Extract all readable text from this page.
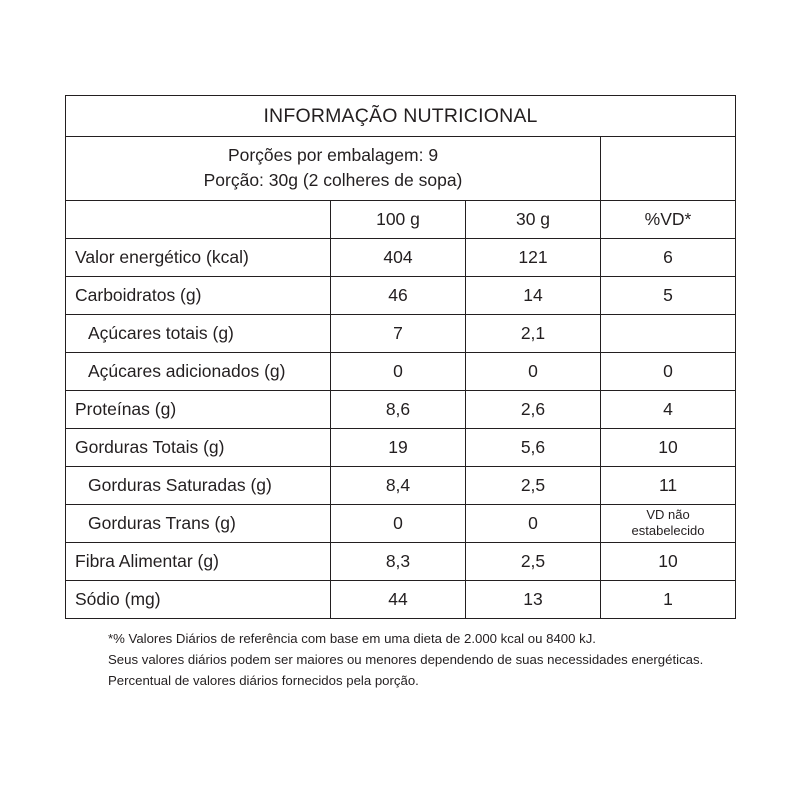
INFORMAÇÃO NUTRICIONAL			

Porções por embalagem: 9
Porção: 30g (2 colheres de sopa)			

	100 g	30 g	%VD*
Valor energético (kcal)	404	121	6
Carboidratos (g)	46	14	5
Açúcares totais (g)	7	2,1	
Açúcares adicionados (g)	0	0	0
Proteínas (g)	8,6	2,6	4
Gorduras Totais (g)	19	5,6	10
Gorduras Saturadas (g)	8,4	2,5	11
Gorduras Trans (g)	0	0	VD não
estabelecido

Fibra Alimentar (g)	8,3	2,5	10
Sódio (mg)	44	13	1

*% Valores Diários de referência com base em uma dieta de 2.000 kcal ou 8400 kJ.

Seus valores diários podem ser maiores ou menores dependendo de suas necessidades energéticas.

Percentual de valores diários fornecidos pela porção.
